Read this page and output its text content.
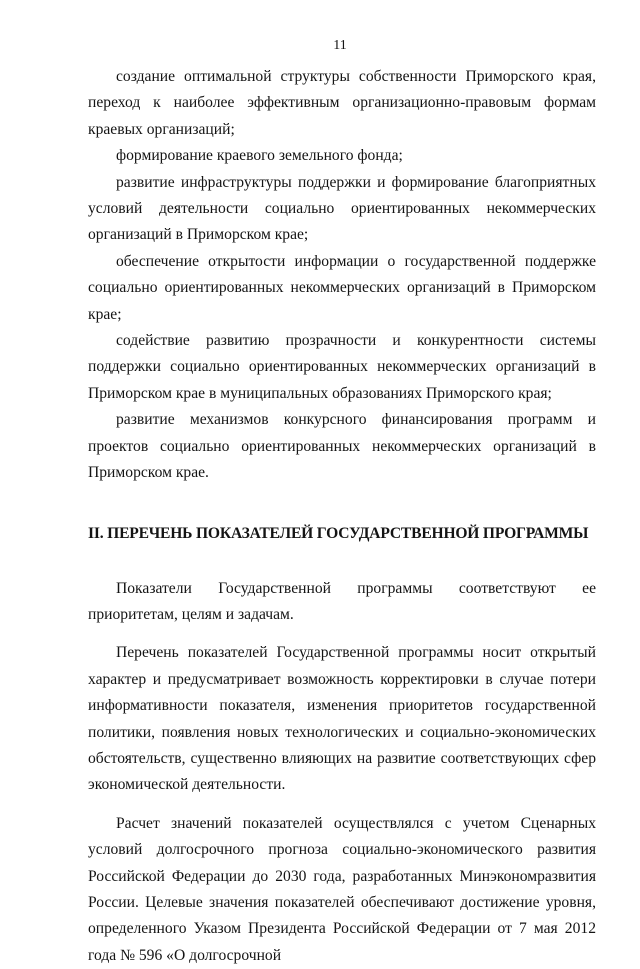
11

создание оптимальной структуры собственности Приморского края, переход к наиболее эффективным организационно-правовым формам краевых организаций;

формирование краевого земельного фонда;

развитие инфраструктуры поддержки и формирование благоприятных условий деятельности социально ориентированных некоммерческих организаций в Приморском крае;

обеспечение открытости информации о государственной поддержке социально ориентированных некоммерческих организаций в Приморском крае;

содействие развитию прозрачности и конкурентности системы поддержки социально ориентированных некоммерческих организаций в Приморском крае в муниципальных образованиях Приморского края;

развитие механизмов конкурсного финансирования программ и проектов социально ориентированных некоммерческих организаций в Приморском крае.

II. ПЕРЕЧЕНЬ ПОКАЗАТЕЛЕЙ ГОСУДАРСТВЕННОЙ ПРОГРАММЫ

Показатели Государственной программы соответствуют ее приоритетам, целям и задачам.

Перечень показателей Государственной программы носит открытый характер и предусматривает возможность корректировки в случае потери информативности показателя, изменения приоритетов государственной политики, появления новых технологических и социально-экономических обстоятельств, существенно влияющих на развитие соответствующих сфер экономической деятельности.

Расчет значений показателей осуществлялся с учетом Сценарных условий долгосрочного прогноза социально-экономического развития Российской Федерации до 2030 года, разработанных Минэкономразвития России. Целевые значения показателей обеспечивают достижение уровня, определенного Указом Президента Российской Федерации от 7 мая 2012 года № 596 «О долгосрочной
